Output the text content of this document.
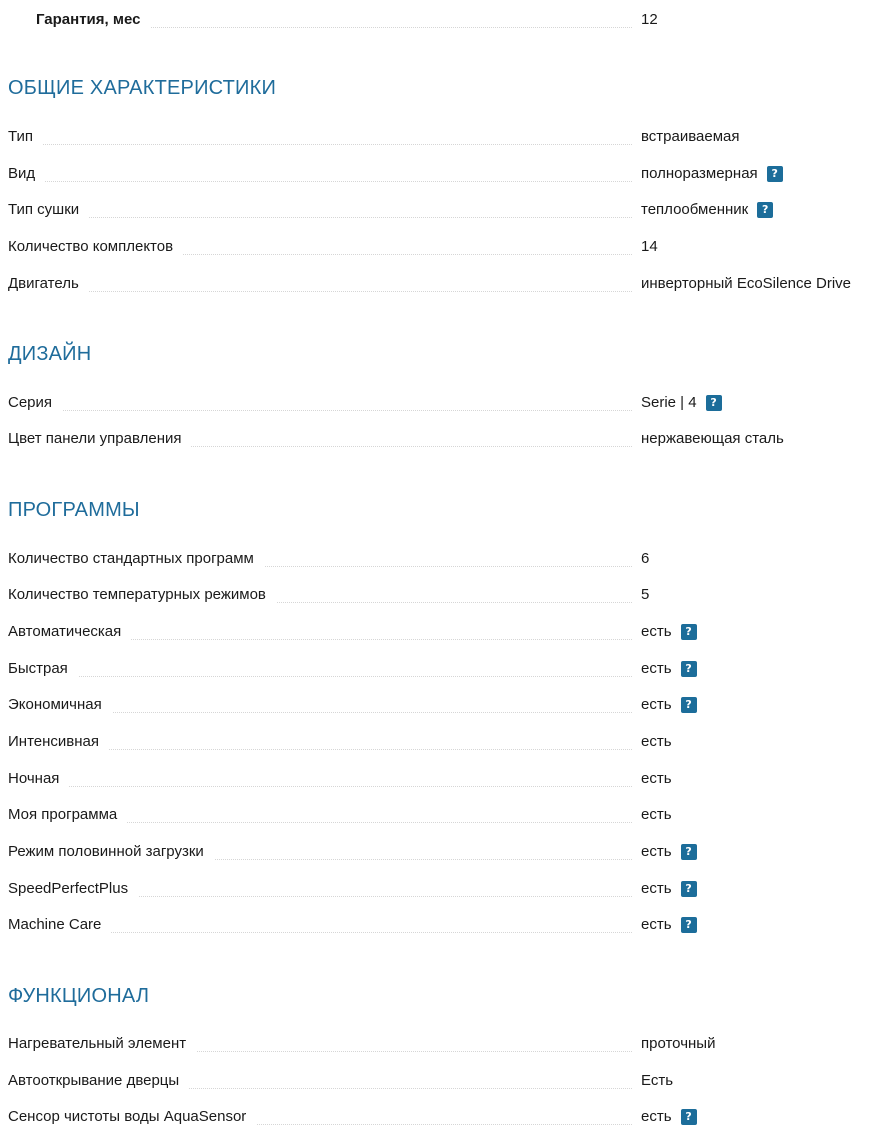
Гарантия, мес	12
ОБЩИЕ ХАРАКТЕРИСТИКИ
Тип	встраиваемая
Вид	полноразмерная	?
Тип сушки	теплообменник	?
Количество комплектов	14
Двигатель	инверторный EcoSilence Drive
ДИЗАЙН
Серия	Serie | 4	?
Цвет панели управления	нержавеющая сталь
ПРОГРАММЫ
Количество стандартных программ	6
Количество температурных режимов	5
Автоматическая	есть	?
Быстрая	есть	?
Экономичная	есть	?
Интенсивная	есть
Ночная	есть
Моя программа	есть
Режим половинной загрузки	есть	?
SpeedPerfectPlus	есть	?
Machine Care	есть	?
ФУНКЦИОНАЛ
Нагревательный элемент	проточный
Автооткрывание дверцы	Есть
Сенсор чистоты воды AquaSensor	есть	?
